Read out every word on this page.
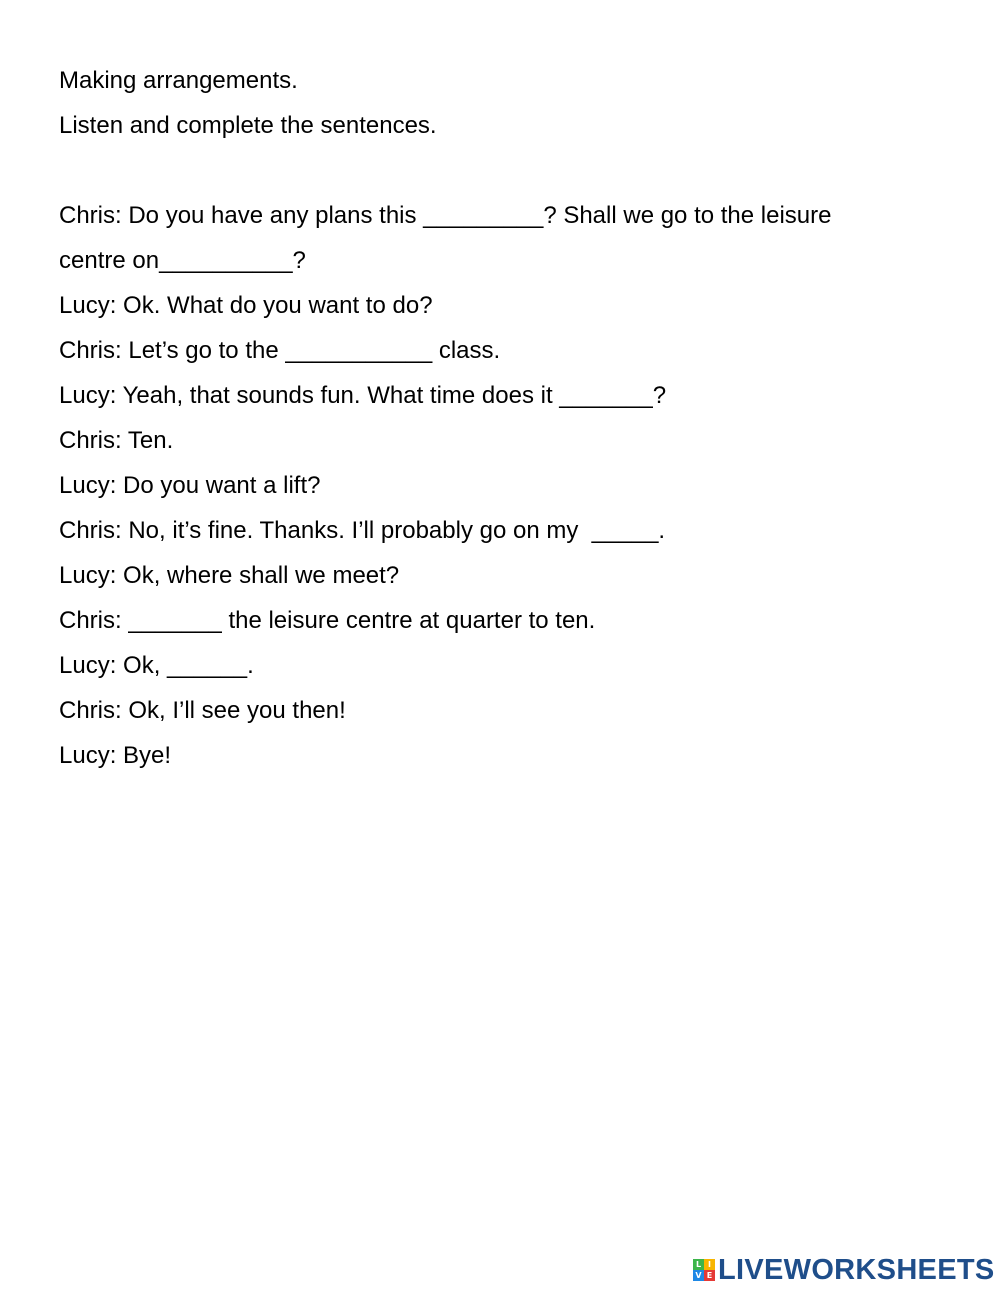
Making arrangements.
Listen and complete the sentences.
Chris: Do you have any plans this _________? Shall we go to the leisure
centre on__________?
Lucy: Ok. What do you want to do?
Chris: Let’s go to the ___________ class.
Lucy: Yeah, that sounds fun. What time does it _______?
Chris: Ten.
Lucy: Do you want a lift?
Chris: No, it’s fine. Thanks. I’ll probably go on my  _____.
Lucy: Ok, where shall we meet?
Chris: _______ the leisure centre at quarter to ten.
Lucy: Ok, ______.
Chris: Ok, I’ll see you then!
Lucy: Bye!
L I
V E LIVEWORKSHEETS
